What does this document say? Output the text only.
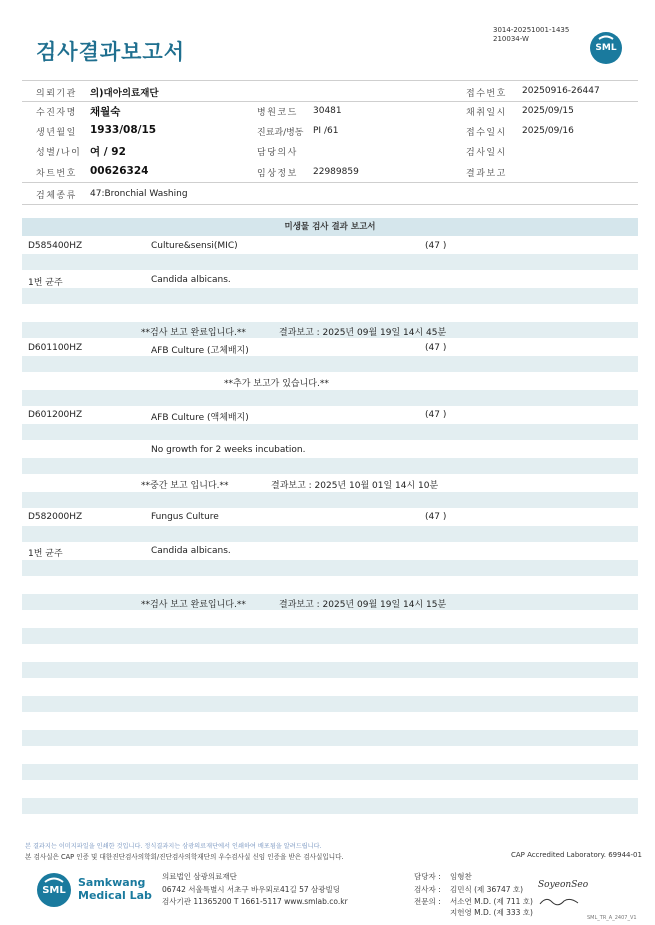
검사결과보고서
3014-20251001-1435
210034-W
SML
의뢰기관 의)대아의료재단	접수번호 20250916-26447
수진자명 채월숙	병원코드 30481	채취일시 2025/09/15
생년월일 1933/08/15	진료과/병동 PI /61	접수일시 2025/09/16
성별/나이 여 / 92	담당의사	검사일시
차트번호 00626324	임상정보 22989859	결과보고
검체종류 47:Bronchial Washing
미생물 검사 결과 보고서
D585400HZ	Culture&sensi(MIC)	(47 )
1번 균주	Candida albicans.
**검사 보고 완료입니다.**	결과보고 : 2025년 09월 19일 14시 45분
D601100HZ	AFB Culture (고체배지)	(47 )
**추가 보고가 있습니다.**
D601200HZ	AFB Culture (액체배지)	(47 )
No growth for 2 weeks incubation.
**중간 보고 입니다.**	결과보고 : 2025년 10월 01일 14시 10분
D582000HZ	Fungus Culture	(47 )
1번 균주	Candida albicans.
**검사 보고 완료입니다.**	결과보고 : 2025년 09월 19일 14시 15분
본 결과지는 이미지파일을 인쇄한 것입니다. 정식결과지는 삼광의료재단에서 인쇄하여 배포됨을 알려드립니다.
본 검사실은 CAP 인증 및 대한진단검사의학회/진단검사의학재단의 우수검사실 신임 인증을 받은 검사실입니다.	CAP Accredited Laboratory. 69944-01
SML
Samkwang
Medical Lab
의료법인 삼광의료재단
06742 서울특별시 서초구 바우뫼로41길 57 삼광빌딩
검사기관 11365200 T 1661-5117 www.smlab.co.kr
담당자 : 임형찬
검사자 : 김민식 (제 36747 호)
전문의 : 서소연 M.D. (제 711 호)
지헌영 M.D. (제 333 호)
SoyeonSeo
SML_TR_A_2407_V1
